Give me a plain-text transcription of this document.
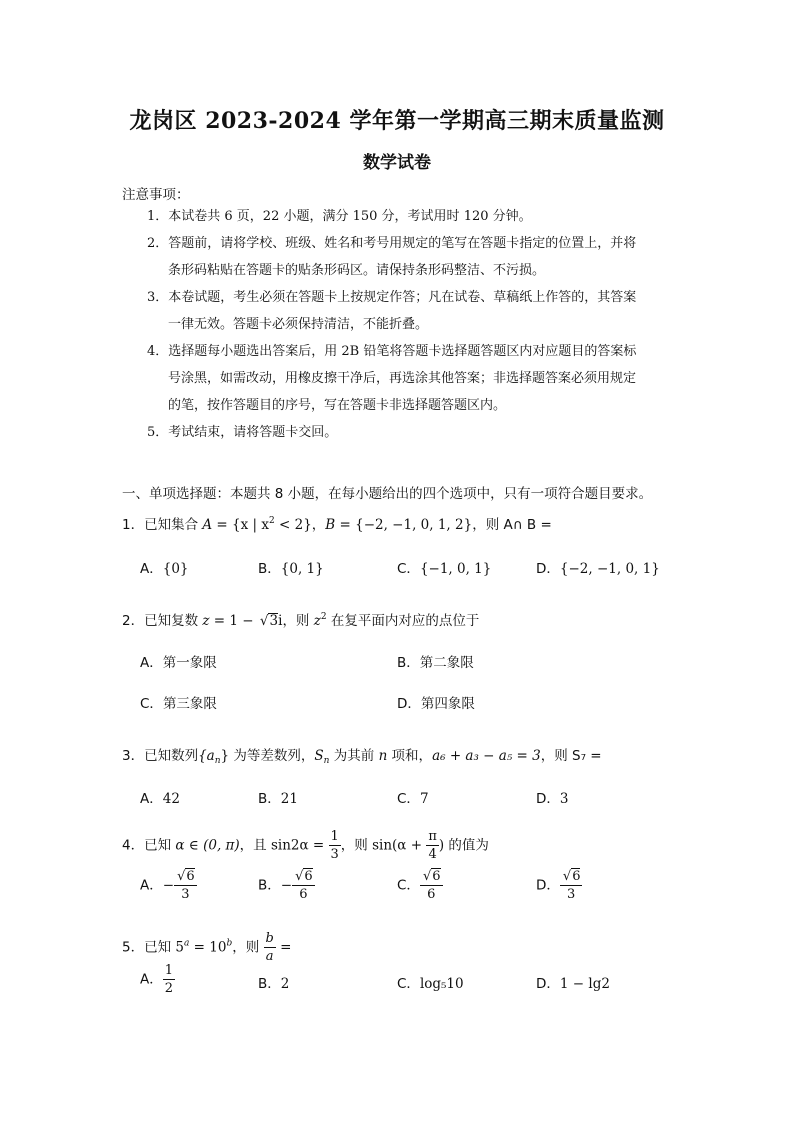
龙岗区 2023-2024 学年第一学期高三期末质量监测
数学试卷
注意事项：
1．本试卷共 6 页，22 小题，满分 150 分，考试用时 120 分钟。
2．答题前，请将学校、班级、姓名和考号用规定的笔写在答题卡指定的位置上，并将
条形码粘贴在答题卡的贴条形码区。请保持条形码整洁、不污损。
3．本卷试题，考生必须在答题卡上按规定作答；凡在试卷、草稿纸上作答的，其答案
一律无效。答题卡必须保持清洁，不能折叠。
4．选择题每小题选出答案后，用 2B 铅笔将答题卡选择题答题区内对应题目的答案标
号涂黑，如需改动，用橡皮擦干净后，再选涂其他答案；非选择题答案必须用规定
的笔，按作答题目的序号，写在答题卡非选择题答题区内。
5．考试结束，请将答题卡交回。
一、单项选择题：本题共 8 小题，在每小题给出的四个选项中，只有一项符合题目要求。
1．已知集合 A = {x | $x^2 < 2$}，B = {−2, −1, 0, 1, 2}，则 A∩ B =
A．{0}	B．{0, 1}	C．{−1, 0, 1}	D．{−2, −1, 0, 1}
2．已知复数 z = 1 − √ 3i，则 $z^2$ 在复平面内对应的点位于
A．第一象限	B．第二象限
C．第三象限	D．第四象限
3．已知数列$\{a_n\}$ 为等差数列，$S_n$ 为其前 n 项和，a₆ + a₃ − a₅ = 3，则 S₇ =
A．42	B．21	C．7	D．3
4．已知 α ∈ (0, π)，且 $\sin 2\alpha = \frac{1}{3}$ ，则 $\sin(\alpha + \frac{\pi}{4}$ ) 的值为
A．− √ $\frac{6}{3}$	B．− √ $\frac{6}{6}$	C． √ $\frac{6}{6}$	D． √ $\frac{6}{3}$
5．已知 $5^a = 10^b$，则 $\frac{b}{a}$ =
A． $\frac{1}{2}$	B．2	C．log₅10	D．1 − lg2
